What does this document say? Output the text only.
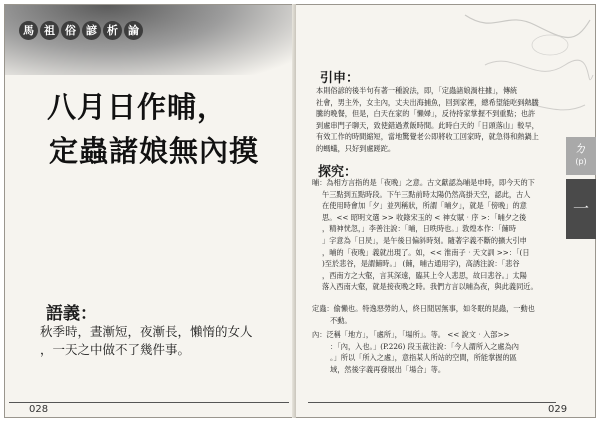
馬 祖 俗 諺 析 論
八月日作晡，
定蟲諸娘無內摸
語義：
秋季時，晝漸短，夜漸長，懶惰的女人
，一天之中做不了幾件事。
028
引申：
本則俗諺的後半句有著一種說法，即，「定蟲諸娘渦柱據」，傳統
社會，男主外，女主內，丈夫出海捕魚，回到家裡，總希望能吃到熱騰
騰的晚餐，但是，白天在家的「懶婦」，反待持家掌握不到重點；也許
到處串門子聊天，致使錯過煮飯時間。此時白天的「日頭落山」較早，
有效工作的時間縮短，當地驚覺老公即將收工回家時，就急得和熱鍋上
的螞蟻，只好到處蹉跎。
探究：
晡：為相方言指的是「夜晚」之意。古文獻認為晡是申時，即今天的下
午三點到五點時段。下午三點前時太陽仍然高掛天空，認此，古人
在使用時會加「夕」並列稱狀，所謂「晡夕」，就是「傍晚」的意
思。<< 昭明文選 >> 收錄宋玉的 < 神女賦‧序 >：「晡夕之後
，精神恍忽，」李善注說：「晡，日昳時也。」敦煌本作：「餔時
」字意為「日昃」，是午後日偏斜時刻。隨著字義不斷的擴大引申
，晡的「夜晚」義就出現了。如，<< 淮南子‧天文訓 >>：「(日
)至於悲谷，是謂餔時。」 (餔，晡古通用字)，高誘注說：「悲谷
，西南方之大壑，言其深遠，臨其上令人悲思，故曰悲谷。」太陽
落入西南大壑，就是接夜晚之時。我們方言以晡為夜，與此義同近。
定蟲：偷懶也。特逸惡勞的人，終日閒居無事，如冬眠的昆蟲，一動也
不動。
內：泛稱「地方」，「處所」，「場所」。等。 << 說文‧入部>>
：「內，入也。」(P.226) 段玉裁注說：「今人謂所入之處為內
。」所以「所入之處」，意指某人所站的空間，所能掌握的區
域，然後字義再發展出「場合」等。
ㄉ
(p)
一
029
